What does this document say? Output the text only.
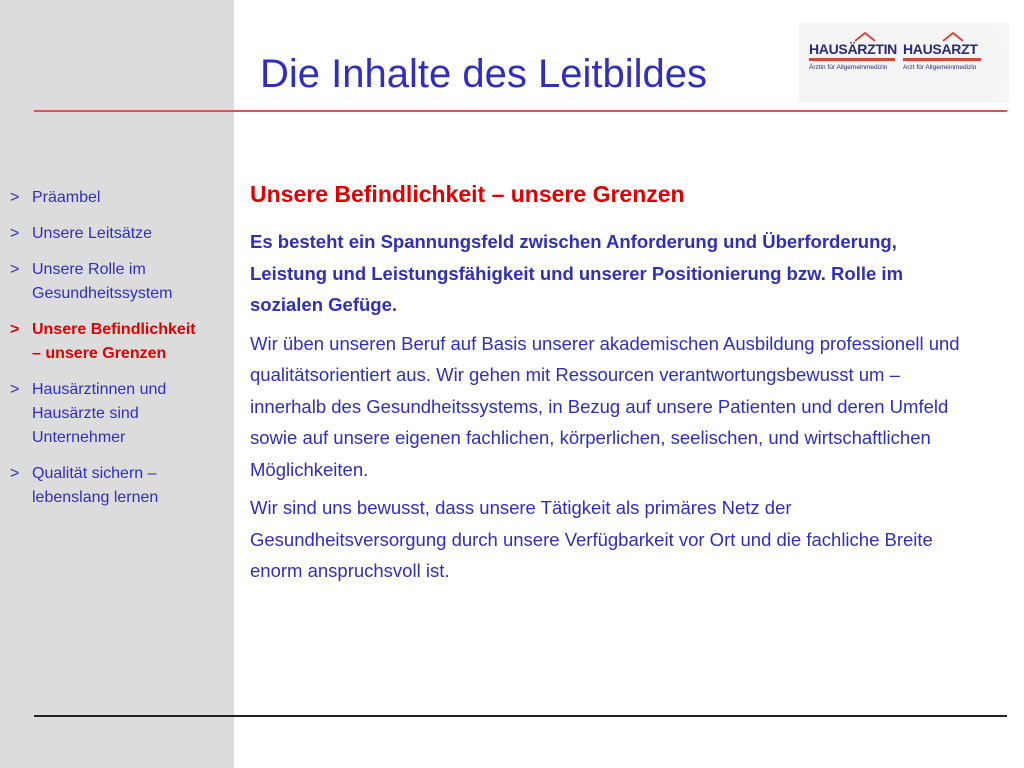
Die Inhalte des Leitbildes
HAUSÄRZTIN
Ärztin für Allgemeinmedizin
HAUSARZT
Arzt für Allgemeinmedizin
> Präambel
> Unsere Leitsätze
> Unsere Rolle im
Gesundheitssystem
> Unsere Befindlichkeit
– unsere Grenzen
> Hausärztinnen und
Hausärzte sind
Unternehmer
> Qualität sichern –
lebenslang lernen
Unsere Befindlichkeit – unsere Grenzen

Es besteht ein Spannungsfeld zwischen Anforderung und Überforderung, Leistung und Leistungsfähigkeit und unserer Positionierung bzw. Rolle im sozialen Gefüge.

Wir üben unseren Beruf auf Basis unserer akademischen Ausbildung professionell und qualitätsorientiert aus. Wir gehen mit Ressourcen verantwortungsbewusst um – innerhalb des Gesundheitssystems, in Bezug auf unsere Patienten und deren Umfeld sowie auf unsere eigenen fachlichen, körperlichen, seelischen, und wirtschaftlichen Möglichkeiten.

Wir sind uns bewusst, dass unsere Tätigkeit als primäres Netz der Gesundheitsversorgung durch unsere Verfügbarkeit vor Ort und die fachliche Breite enorm anspruchsvoll ist.
